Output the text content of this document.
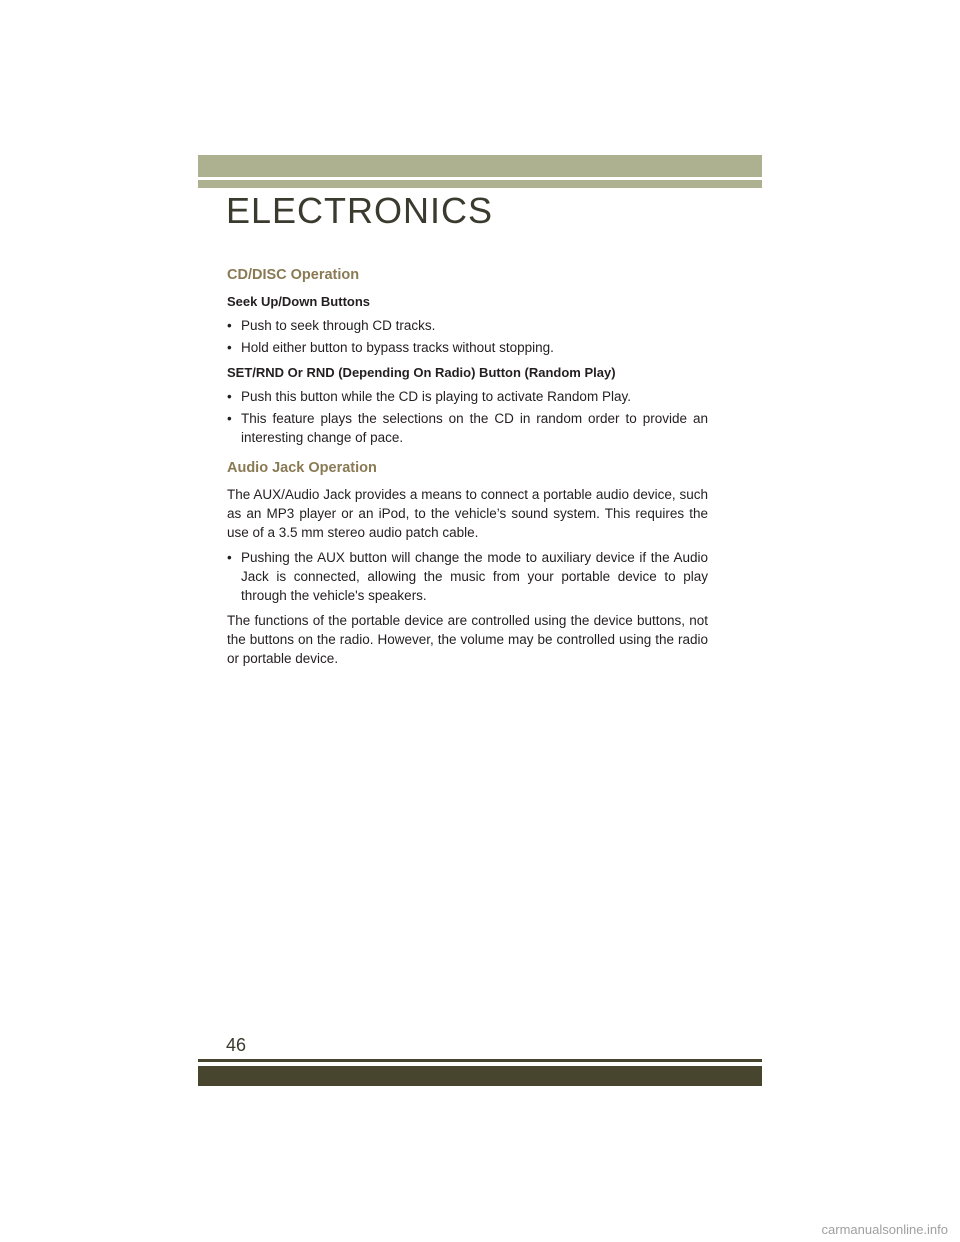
ELECTRONICS
CD/DISC Operation
Seek Up/Down Buttons
• Push to seek through CD tracks.
• Hold either button to bypass tracks without stopping.
SET/RND Or RND (Depending On Radio) Button (Random Play)
• Push this button while the CD is playing to activate Random Play.
• This feature plays the selections on the CD in random order to provide an interesting change of pace.
Audio Jack Operation

The AUX/Audio Jack provides a means to connect a portable audio device, such as an MP3 player or an iPod, to the vehicle’s sound system. This requires the use of a 3.5 mm stereo audio patch cable.

• Pushing the AUX button will change the mode to auxiliary device if the Audio Jack is connected, allowing the music from your portable device to play through the vehicle's speakers.

The functions of the portable device are controlled using the device buttons, not the buttons on the radio. However, the volume may be controlled using the radio or portable device.

46
carmanualsonline.info
